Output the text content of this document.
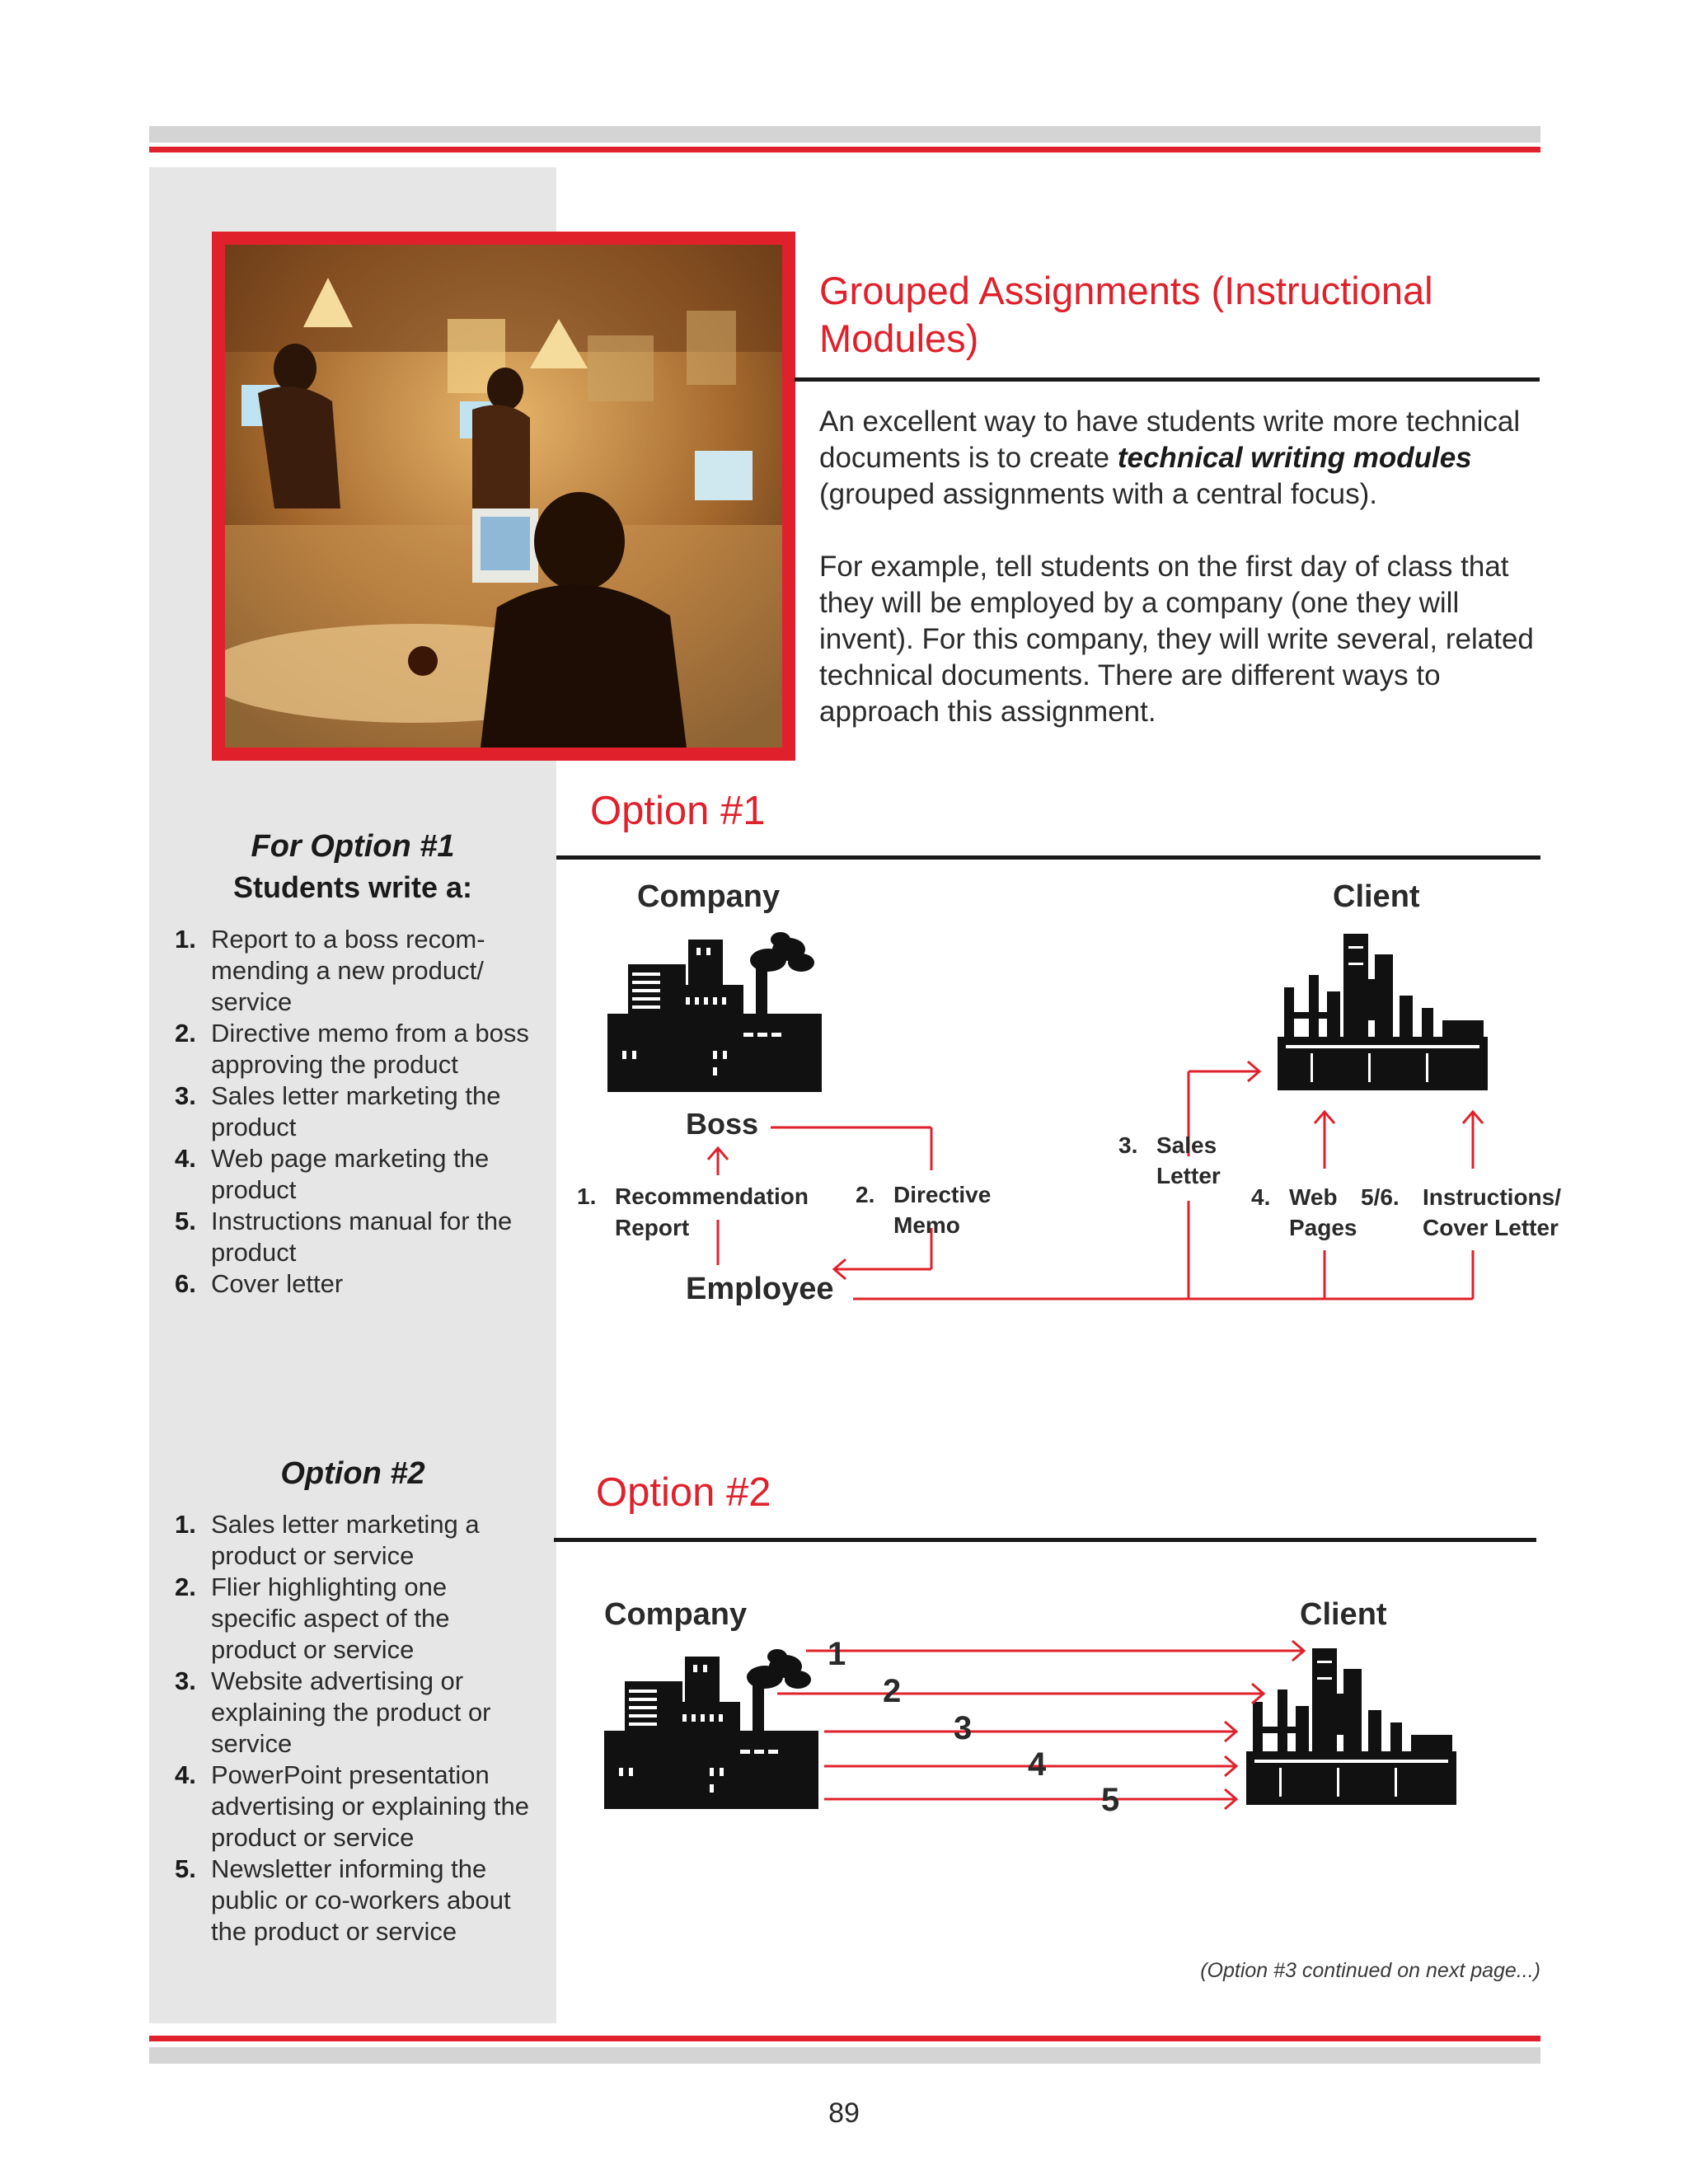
Grouped Assignments (Instructional
Modules)
An excellent way to have students write more technical documents is to create technical writing modules (grouped assignments with a central focus).
For example, tell students on the first day of class that they will be employed by a company (one they will invent). For this company, they will write several, related technical documents. There are different ways to approach this assignment.
For Option #1
Students write a:
1. Report to a boss recom-mending a new product/ service
2. Directive memo from a boss approving the product
3. Sales letter marketing the product
4. Web page marketing the product
5. Instructions manual for the product
6. Cover letter
Option #2
1. Sales letter marketing a product or service
2. Flier highlighting one specific aspect of the product or service
3. Website advertising or explaining the product or service
4. PowerPoint presentation advertising or explaining the product or service
5. Newsletter informing the public or co-workers about the product or service
Option #1
Company	Client
Boss
Employee
1. Recommendation
Report
2. Directive
Memo
3. Sales
Letter
4. Web
Pages
5/6. Instructions/
Cover Letter
Option #2
Company	Client
1
2
3
4
5
(Option #3 continued on next page...)
89
